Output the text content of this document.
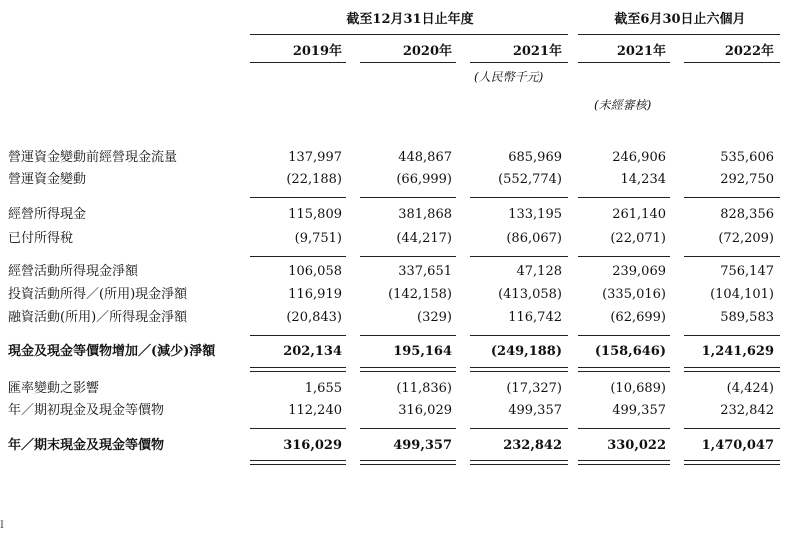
截至12月31日止年度	截至6月30日止六個月
2019年	2020年	2021年	2021年	2022年
(人民幣千元)
(未經審核)
營運資金變動前經營現金流量	137,997	448,867	685,969	246,906	535,606
營運資金變動	(22,188)	(66,999)	(552,774)	14,234	292,750
經營所得現金	115,809	381,868	133,195	261,140	828,356
已付所得稅	(9,751)	(44,217)	(86,067)	(22,071)	(72,209)
經營活動所得現金淨額	106,058	337,651	47,128	239,069	756,147
投資活動所得／(所用)現金淨額	116,919	(142,158)	(413,058)	(335,016)	(104,101)
融資活動(所用)／所得現金淨額	(20,843)	(329)	116,742	(62,699)	589,583
現金及現金等價物增加／(減少)淨額	202,134	195,164	(249,188)	(158,646)	1,241,629
匯率變動之影響	1,655	(11,836)	(17,327)	(10,689)	(4,424)
年／期初現金及現金等價物	112,240	316,029	499,357	499,357	232,842
年／期末現金及現金等價物	316,029	499,357	232,842	330,022	1,470,047
I
